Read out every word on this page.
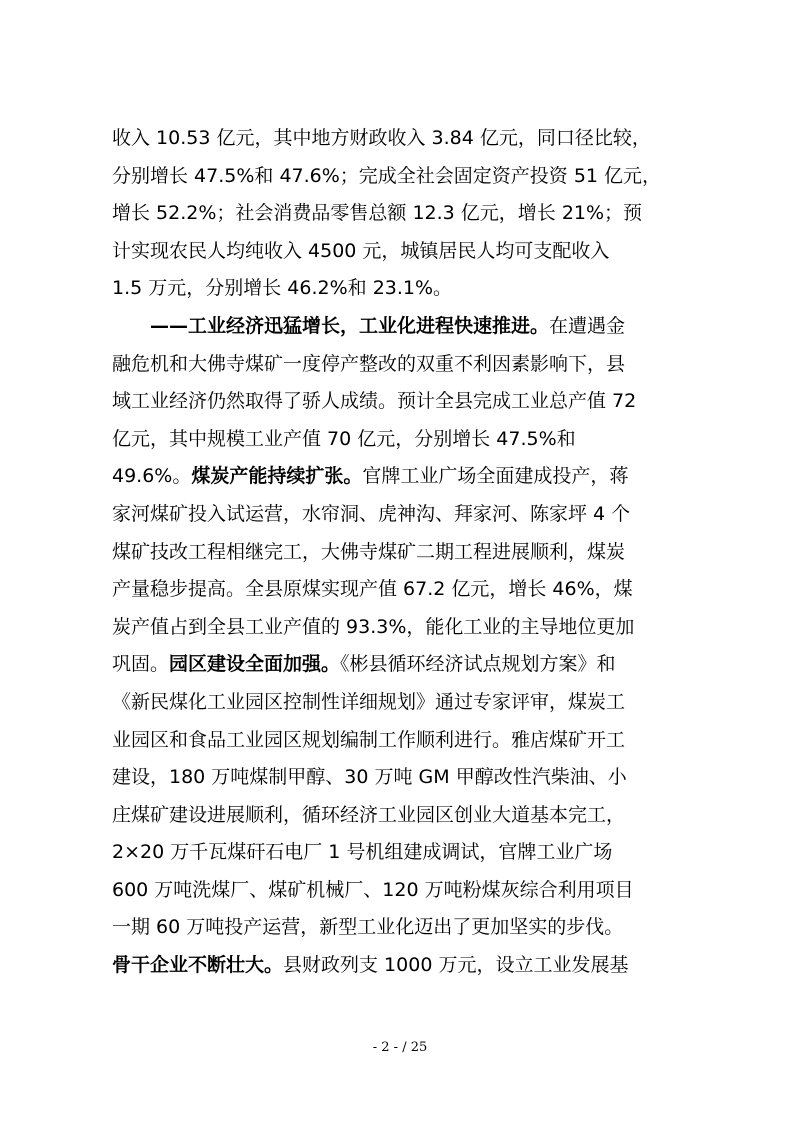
收入 10.53 亿元，其中地方财政收入 3.84 亿元，同口径比较，
分别增长 47.5%和 47.6%；完成全社会固定资产投资 51 亿元，
增长 52.2%；社会消费品零售总额 12.3 亿元，增长 21%；预
计实现农民人均纯收入 4500 元，城镇居民人均可支配收入
1.5 万元，分别增长 46.2%和 23.1%。
——工业经济迅猛增长，工业化进程快速推进。在遭遇金
融危机和大佛寺煤矿一度停产整改的双重不利因素影响下，县
域工业经济仍然取得了骄人成绩。预计全县完成工业总产值 72
亿元，其中规模工业产值 70 亿元，分别增长 47.5%和
49.6%。煤炭产能持续扩张。官牌工业广场全面建成投产，蒋
家河煤矿投入试运营，水帘洞、虎神沟、拜家河、陈家坪 4 个
煤矿技改工程相继完工，大佛寺煤矿二期工程进展顺利，煤炭
产量稳步提高。全县原煤实现产值 67.2 亿元，增长 46%，煤
炭产值占到全县工业产值的 93.3%，能化工业的主导地位更加
巩固。园区建设全面加强。《彬县循环经济试点规划方案》和
《新民煤化工业园区控制性详细规划》通过专家评审，煤炭工
业园区和食品工业园区规划编制工作顺利进行。雅店煤矿开工
建设，180 万吨煤制甲醇、30 万吨 GM 甲醇改性汽柴油、小
庄煤矿建设进展顺利，循环经济工业园区创业大道基本完工，
2×20 万千瓦煤矸石电厂 1 号机组建成调试，官牌工业广场
600 万吨洗煤厂、煤矿机械厂、120 万吨粉煤灰综合利用项目
一期 60 万吨投产运营，新型工业化迈出了更加坚实的步伐。
骨干企业不断壮大。县财政列支 1000 万元，设立工业发展基
- 2 - / 25
